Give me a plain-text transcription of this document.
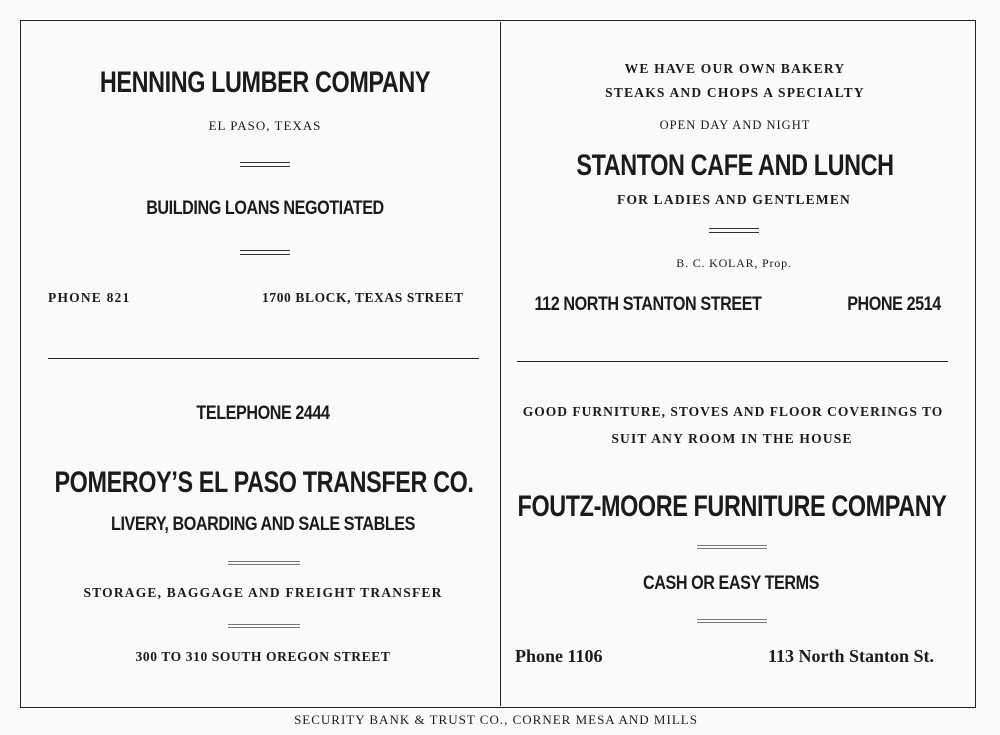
HENNING LUMBER COMPANY
EL PASO, TEXAS
BUILDING LOANS NEGOTIATED
PHONE 821	1700 BLOCK, TEXAS STREET
WE HAVE OUR OWN BAKERY
STEAKS AND CHOPS A SPECIALTY
OPEN DAY AND NIGHT
STANTON CAFE AND LUNCH
FOR LADIES AND GENTLEMEN
B. C. KOLAR, Prop.
112 NORTH STANTON STREET	PHONE 2514
TELEPHONE 2444
POMEROY’S EL PASO TRANSFER CO.
LIVERY, BOARDING AND SALE STABLES
STORAGE, BAGGAGE AND FREIGHT TRANSFER
300 TO 310 SOUTH OREGON STREET
GOOD FURNITURE, STOVES AND FLOOR COVERINGS TO
SUIT ANY ROOM IN THE HOUSE
FOUTZ-MOORE FURNITURE COMPANY
CASH OR EASY TERMS
Phone 1106	113 North Stanton St.
SECURITY BANK & TRUST CO., CORNER MESA AND MILLS
